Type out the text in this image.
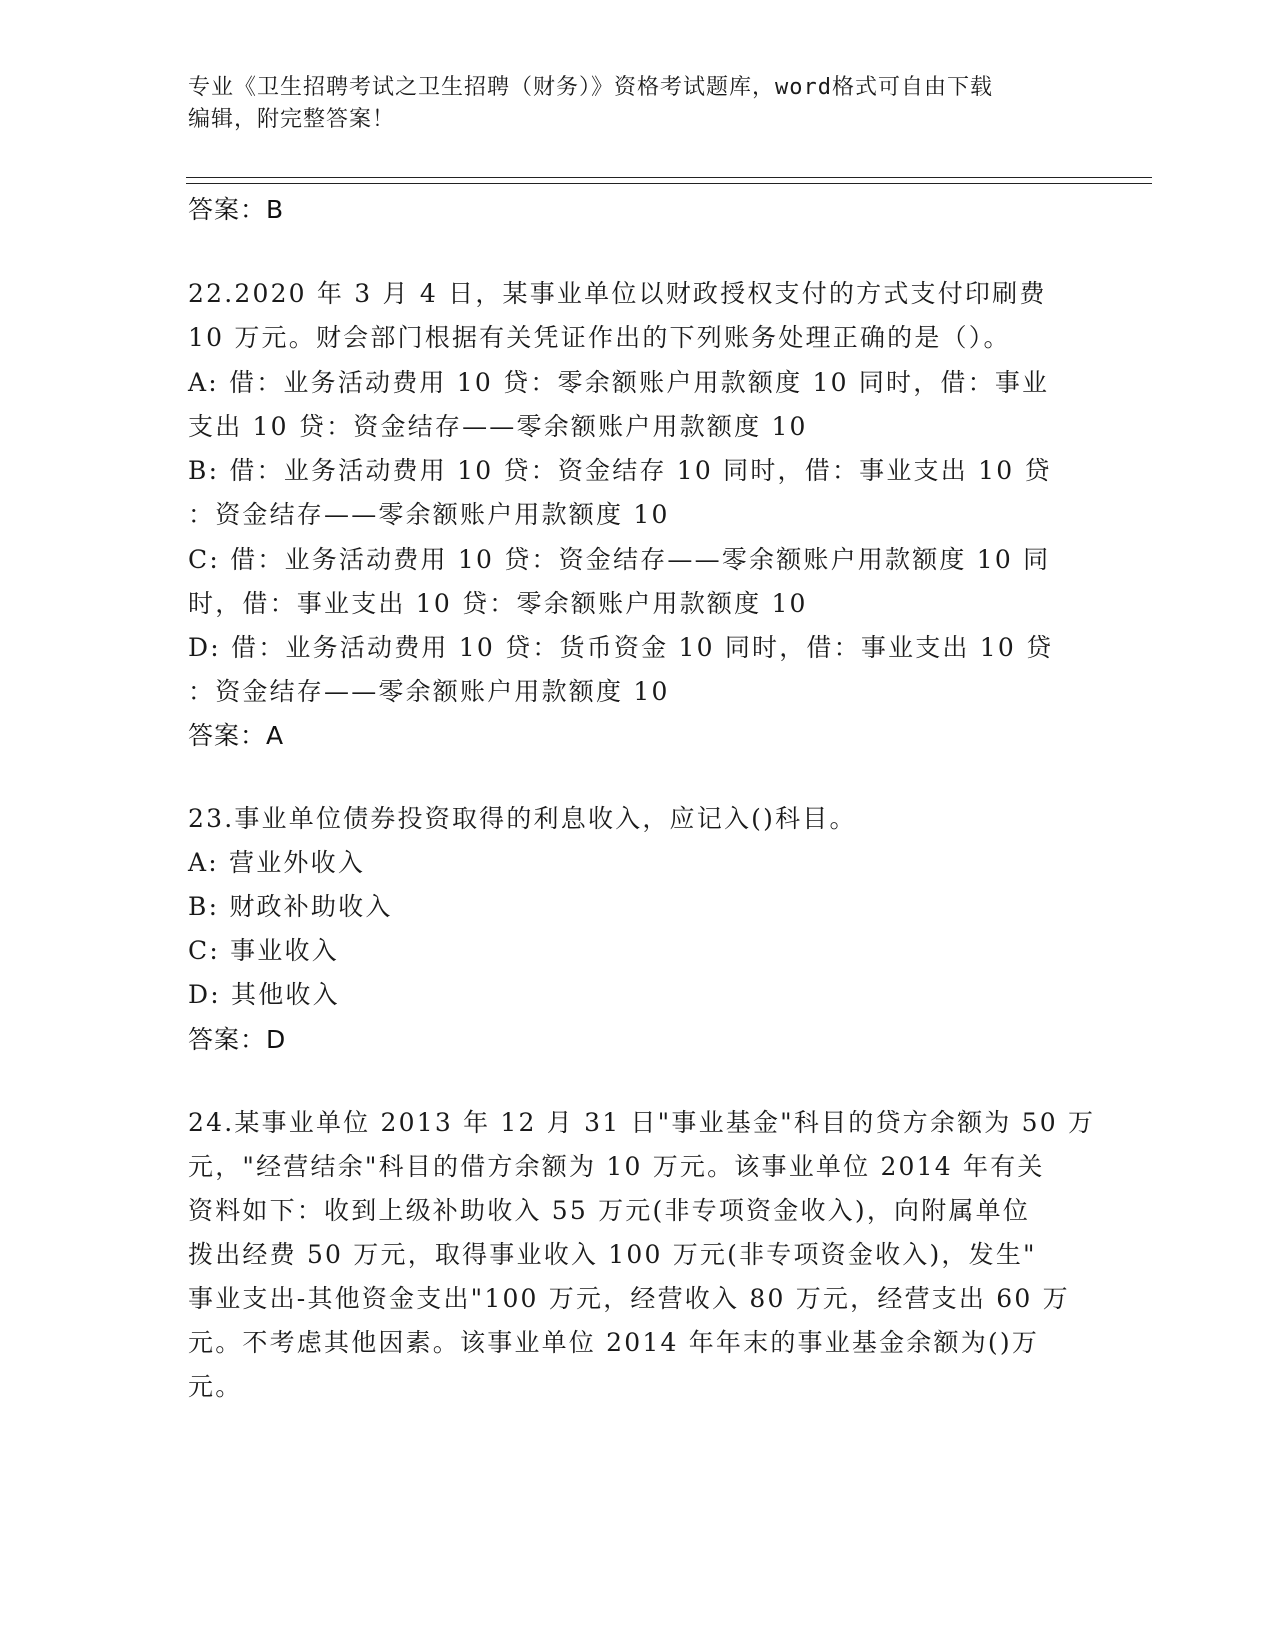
专业《卫生招聘考试之卫生招聘（财务）》资格考试题库，word格式可自由下载
编辑，附完整答案！
答案：B
22.2020 年 3 月 4 日，某事业单位以财政授权支付的方式支付印刷费
10 万元。财会部门根据有关凭证作出的下列账务处理正确的是（）。
A: 借：业务活动费用 10 贷：零余额账户用款额度 10 同时，借：事业
支出 10 贷：资金结存——零余额账户用款额度 10
B: 借：业务活动费用 10 贷：资金结存 10 同时，借：事业支出 10 贷
：资金结存——零余额账户用款额度 10
C: 借：业务活动费用 10 贷：资金结存——零余额账户用款额度 10 同
时，借：事业支出 10 贷：零余额账户用款额度 10
D: 借：业务活动费用 10 贷：货币资金 10 同时，借：事业支出 10 贷
：资金结存——零余额账户用款额度 10
答案：A
23.事业单位债券投资取得的利息收入，应记入()科目。
A: 营业外收入
B: 财政补助收入
C: 事业收入
D: 其他收入
答案：D
24.某事业单位 2013 年 12 月 31 日"事业基金"科目的贷方余额为 50 万
元，"经营结余"科目的借方余额为 10 万元。该事业单位 2014 年有关
资料如下：收到上级补助收入 55 万元(非专项资金收入)，向附属单位
拨出经费 50 万元，取得事业收入 100 万元(非专项资金收入)，发生"
事业支出-其他资金支出"100 万元，经营收入 80 万元，经营支出 60 万
元。不考虑其他因素。该事业单位 2014 年年末的事业基金余额为()万
元。
